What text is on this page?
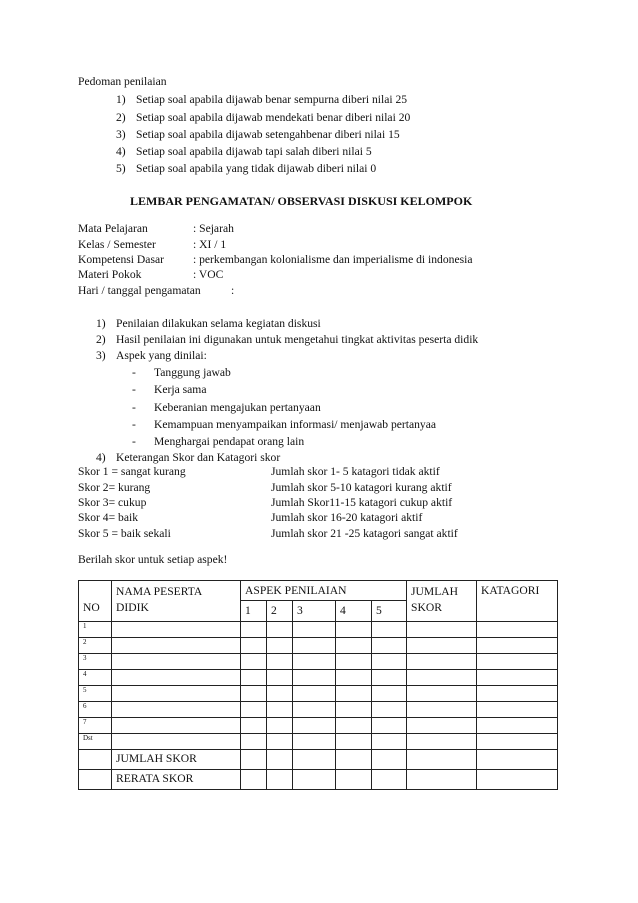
Pedoman penilaian
1) Setiap soal apabila dijawab benar sempurna diberi nilai 25
2) Setiap soal apabila dijawab mendekati benar diberi nilai 20
3) Setiap soal apabila dijawab setengahbenar diberi nilai 15
4) Setiap soal apabila dijawab tapi salah diberi nilai 5
5) Setiap soal apabila yang tidak dijawab diberi nilai 0
LEMBAR PENGAMATAN/ OBSERVASI DISKUSI KELOMPOK
Mata Pelajaran	: Sejarah
Kelas / Semester	: XI / 1
Kompetensi Dasar	: perkembangan kolonialisme dan imperialisme di indonesia
Materi Pokok	: VOC
Hari / tanggal pengamatan	:
1) Penilaian dilakukan selama kegiatan diskusi
2) Hasil penilaian ini digunakan untuk mengetahui tingkat aktivitas peserta didik
3) Aspek yang dinilai:
- Tanggung jawab
- Kerja sama
- Keberanian mengajukan pertanyaan
- Kemampuan menyampaikan informasi/ menjawab pertanyaa
- Menghargai pendapat orang lain
4) Keterangan Skor dan Katagori skor
Skor 1 = sangat kurang	Jumlah skor 1- 5 katagori tidak aktif
Skor 2= kurang	Jumlah skor 5-10 katagori kurang aktif
Skor 3= cukup	Jumlah Skor11-15 katagori cukup aktif
Skor 4= baik	Jumlah skor 16-20 katagori aktif
Skor 5 = baik sekali	Jumlah skor 21 -25 katagori sangat aktif
Berilah skor untuk setiap aspek!
NO	NAMA PESERTA DIDIK	ASPEK PENILAIAN					JUMLAH SKOR	KATAGORI
		1	2	3	4	5		
1								
2								
3								
4								
5								
6								
7								
Dst								
	JUMLAH SKOR							
	RERATA SKOR							
